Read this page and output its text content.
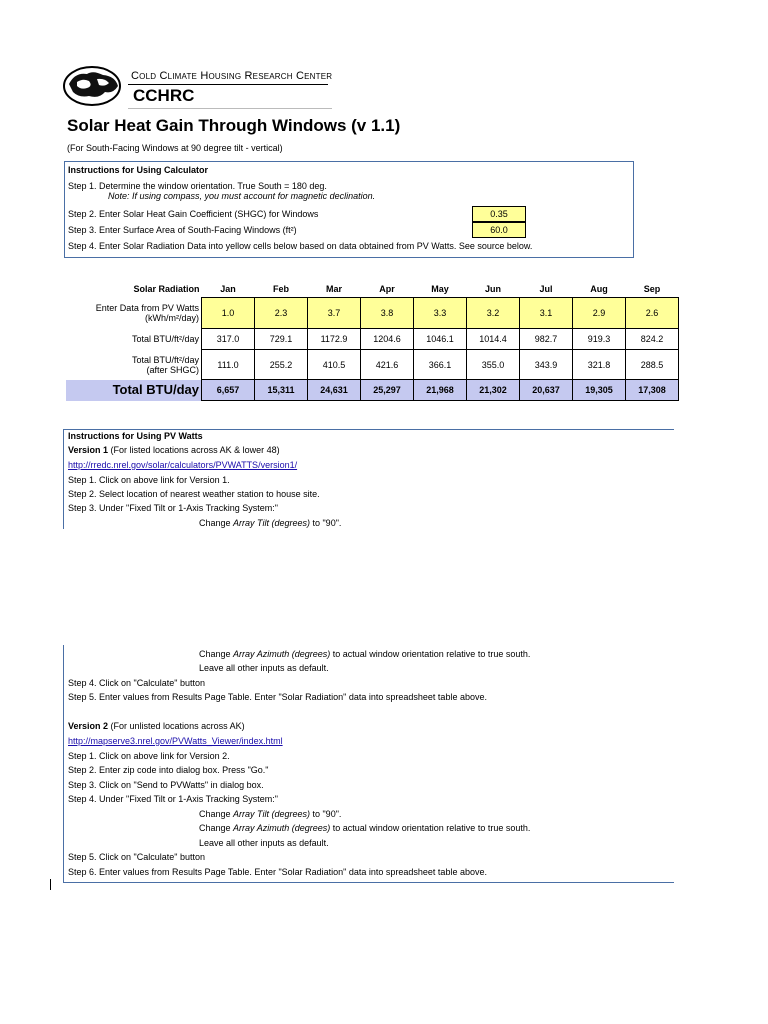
Cold Climate Housing Research Center
CCHRC
Solar Heat Gain Through Windows (v 1.1)
(For South-Facing Windows at 90 degree tilt - vertical)
Instructions for Using Calculator
Step 1. Determine the window orientation. True South = 180 deg.
Note: If using compass, you must account for magnetic declination.
Step 2. Enter Solar Heat Gain Coefficient (SHGC) for Windows	0.35
Step 3. Enter Surface Area of South-Facing Windows (ft²)	60.0
Step 4. Enter Solar Radiation Data into yellow cells below based on data obtained from PV Watts. See source below.
Solar Radiation	Jan	Feb	Mar	Apr	May	Jun	Jul	Aug	Sep

Enter Data from PV Watts
(kWh/m²/day)	1.0	2.3	3.7	3.8	3.3	3.2	3.1	2.9	2.6
Total BTU/ft²/day	317.0	729.1	1172.9	1204.6	1046.1	1014.4	982.7	919.3	824.2

Total BTU/ft²/day
(after SHGC)	111.0	255.2	410.5	421.6	366.1	355.0	343.9	321.8	288.5
Total BTU/day	6,657	15,311	24,631	25,297	21,968	21,302	20,637	19,305	17,308
Instructions for Using PV Watts
Version 1 (For listed locations across AK & lower 48)
http://rredc.nrel.gov/solar/calculators/PVWATTS/version1/
Step 1. Click on above link for Version 1.
Step 2. Select location of nearest weather station to house site.
Step 3. Under "Fixed Tilt or 1-Axis Tracking System:"
Change Array Tilt (degrees) to "90".
Change Array Azimuth (degrees) to actual window orientation relative to true south.
Leave all other inputs as default.
Step 4. Click on "Calculate" button
Step 5. Enter values from Results Page Table. Enter "Solar Radiation" data into spreadsheet table above.
Version 2 (For unlisted locations across AK)
http://mapserve3.nrel.gov/PVWatts_Viewer/index.html
Step 1. Click on above link for Version 2.
Step 2. Enter zip code into dialog box. Press "Go."
Step 3. Click on "Send to PVWatts" in dialog box.
Step 4. Under "Fixed Tilt or 1-Axis Tracking System:"
Change Array Tilt (degrees) to "90".
Change Array Azimuth (degrees) to actual window orientation relative to true south.
Leave all other inputs as default.
Step 5. Click on "Calculate" button
Step 6. Enter values from Results Page Table. Enter "Solar Radiation" data into spreadsheet table above.
